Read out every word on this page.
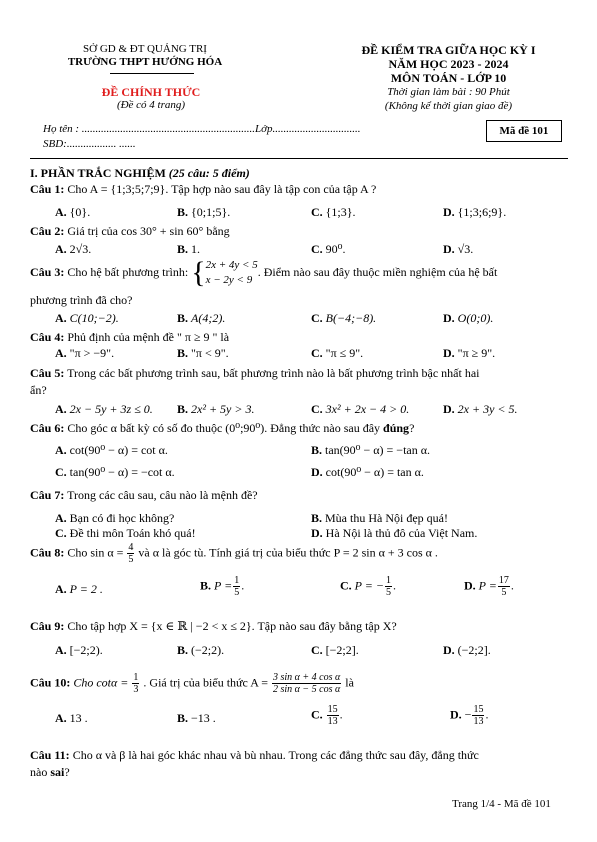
SỞ GD & ĐT QUẢNG TRỊ
TRƯỜNG THPT HƯỚNG HÓA
ĐỀ CHÍNH THỨC
(Đề có 4 trang)
ĐỀ KIỂM TRA GIỮA HỌC KỲ I
NĂM HỌC 2023 - 2024
MÔN TOÁN - LỚP 10
Thời gian làm bài : 90 Phút
(Không kể thời gian giao đề)
Họ tên : ...............................................................Lớp................................
SBD:.................. ......
Mã đề 101
I. PHẦN TRẮC NGHIỆM (25 câu: 5 điểm)
Câu 1: Cho A = {1;3;5;7;9}. Tập hợp nào sau đây là tập con của tập A ?
A. {0}.	B. {0;1;5}.	C. {1;3}.	D. {1;3;6;9}.
Câu 2: Giá trị của cos 30° + sin 60° bằng
A. 2√3.	B. 1.	C. 90⁰.	D. √3.
Câu 3: Cho hệ bất phương trình: { 2x + 4y < 5
x − 2y < 9
. Điểm nào sau đây thuộc miền nghiệm của hệ bất
phương trình đã cho?
A. C(10;−2).	B. A(4;2).	C. B(−4;−8).	D. O(0;0).
Câu 4: Phủ định của mệnh đề " π ≥ 9 " là
A. "π > −9".	B. "π < 9".	C. "π ≤ 9".	D. "π ≥ 9".
Câu 5: Trong các bất phương trình sau, bất phương trình nào là bất phương trình bậc nhất hai
ẩn?
A. 2x − 5y + 3z ≤ 0. B. 2x² + 5y > 3.	C. 3x² + 2x − 4 > 0.	D. 2x + 3y < 5.
Câu 6: Cho góc α bất kỳ có số đo thuộc (0⁰;90⁰). Đẳng thức nào sau đây đúng?
A. cot(90⁰ − α) = cot α.	B. tan(90⁰ − α) = −tan α.
C. tan(90⁰ − α) = −cot α.	D. cot(90⁰ − α) = tan α.
Câu 7: Trong các câu sau, câu nào là mệnh đề?
A. Bạn có đi học không?	B. Mùa thu Hà Nội đẹp quá!
C. Đề thi môn Toán khó quá!	D. Hà Nội là thủ đô của Việt Nam.
Câu 8: Cho $\sin \alpha = \frac{4}{5}$ và α là góc tù. Tính giá trị của biểu thức P = 2 sin α + 3 cos α .
A. P = 2 .	B. $P = \frac{1}{5}$ .	C. P = − $\frac{1}{5}$ .	D. $P = \frac{17}{5}$ .
Câu 9: Cho tập hợp X = {x ∈ ℝ | −2 < x ≤ 2}. Tập nào sau đây bằng tập X?
A. [−2;2).	B. (−2;2).	C. [−2;2].	D. (−2;2].
Câu 10: Cho $\cot\alpha = \frac{1}{3}$ . Giá trị của biểu thức $A = \frac{\text{3 sin α + 4 cos α}}{\text{2 sin α − 5 cos α}}$ là
A. 13 .	B. −13 .	C. $\frac{15}{13}$ .	D. − $\frac{15}{13}$ .
Câu 11: Cho α và β là hai góc khác nhau và bù nhau. Trong các đẳng thức sau đây, đẳng thức
nào sai?
Trang 1/4 - Mã đề 101
